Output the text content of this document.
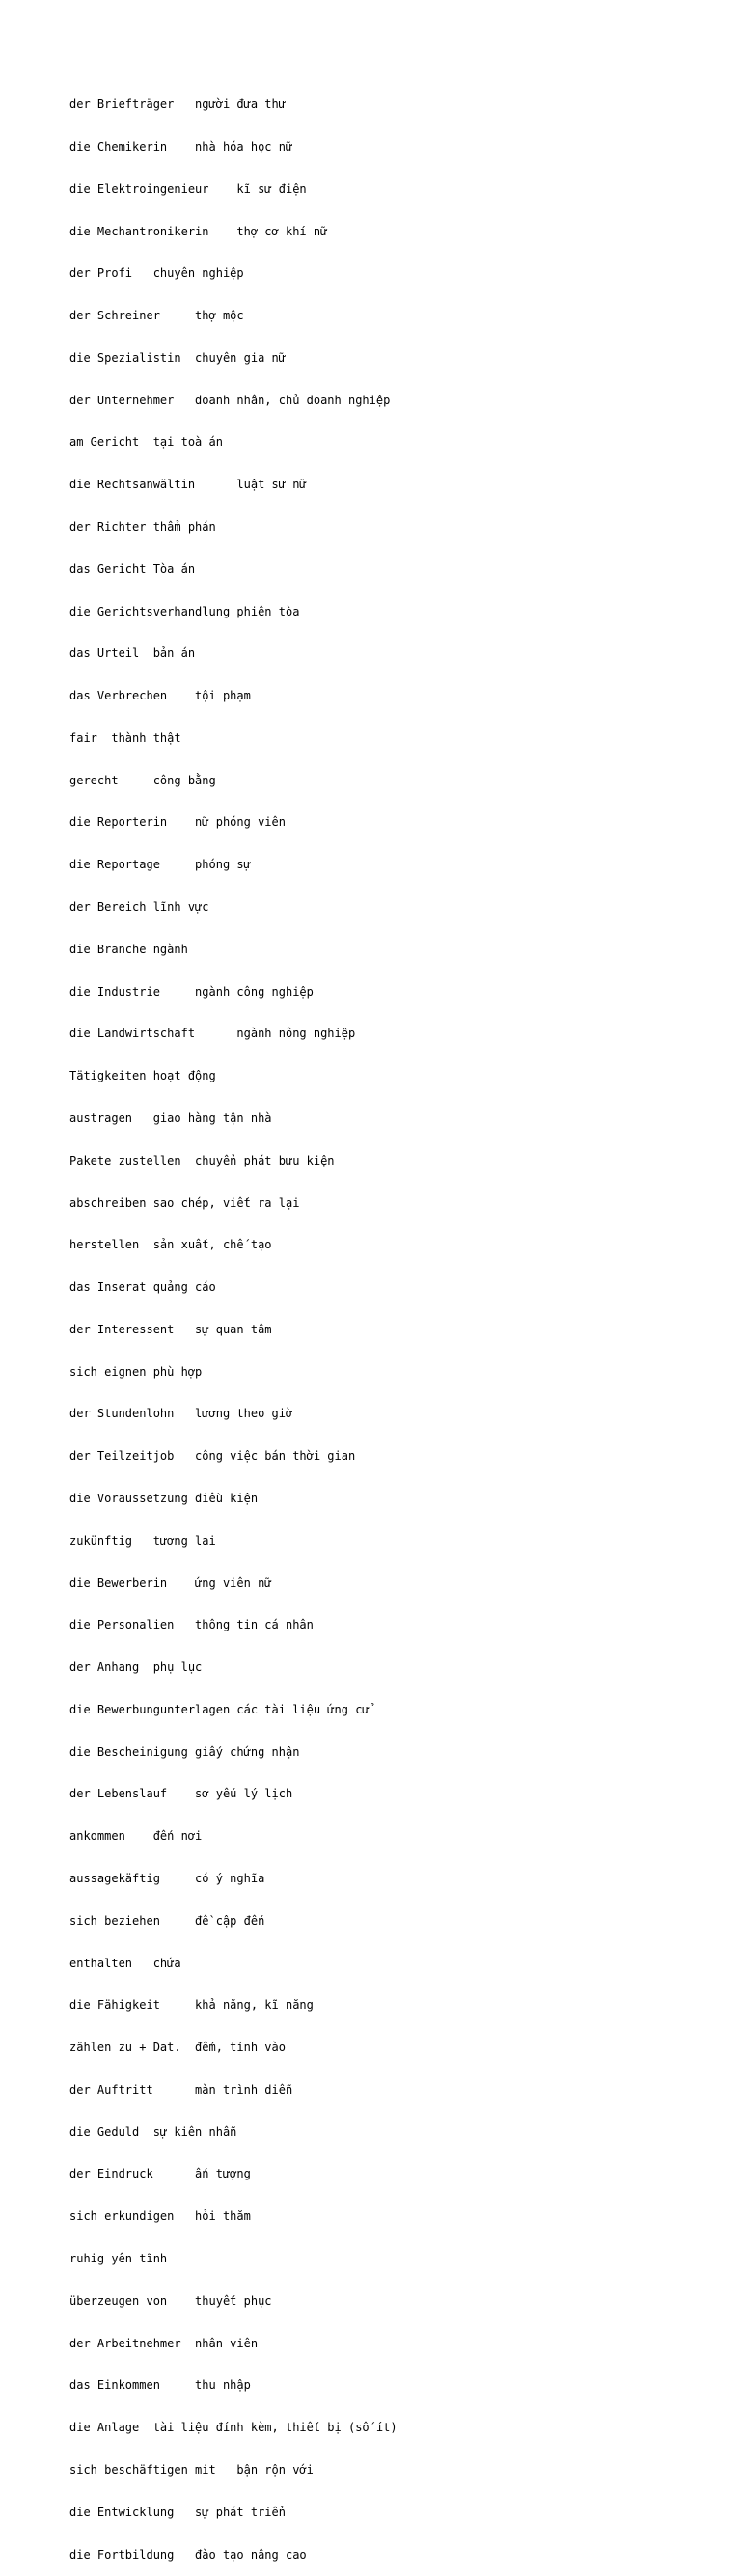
der Briefträger   người đưa thư

die Chemikerin    nhà hóa học nữ

die Elektroingenieur    kĩ sư điện

die Mechantronikerin    thợ cơ khí nữ

der Profi   chuyên nghiệp

der Schreiner     thợ mộc

die Spezialistin  chuyên gia nữ

der Unternehmer   doanh nhân, chủ doanh nghiệp

am Gericht  tại toà án

die Rechtsanwältin      luật sư nữ

der Richter thẩm phán

das Gericht Tòa án

die Gerichtsverhandlung phiên tòa

das Urteil  bản án

das Verbrechen    tội phạm

fair  thành thật

gerecht     công bằng

die Reporterin    nữ phóng viên

die Reportage     phóng sự

der Bereich lĩnh vực

die Branche ngành

die Industrie     ngành công nghiệp

die Landwirtschaft      ngành nông nghiệp

Tätigkeiten hoạt động

austragen   giao hàng tận nhà

Pakete zustellen  chuyển phát bưu kiện

abschreiben sao chép, viết ra lại

herstellen  sản xuất, chế tạo

das Inserat quảng cáo

der Interessent   sự quan tâm

sich eignen phù hợp

der Stundenlohn   lương theo giờ

der Teilzeitjob   công việc bán thời gian

die Voraussetzung điều kiện

zukünftig   tương lai

die Bewerberin    ứng viên nữ

die Personalien   thông tin cá nhân

der Anhang  phụ lục

die Bewerbungunterlagen các tài liệu ứng cử

die Bescheinigung giấy chứng nhận

der Lebenslauf    sơ yếu lý lịch

ankommen    đến nơi

aussagekäftig     có ý nghĩa

sich beziehen     đề cập đến

enthalten   chứa

die Fähigkeit     khả năng, kĩ năng

zählen zu + Dat.  đếm, tính vào

der Auftritt      màn trình diễn

die Geduld  sự kiên nhẫn

der Eindruck      ấn tượng

sich erkundigen   hỏi thăm

ruhig yên tĩnh

überzeugen von    thuyết phục

der Arbeitnehmer  nhân viên

das Einkommen     thu nhập

die Anlage  tài liệu đính kèm, thiết bị (số ít)

sich beschäftigen mit   bận rộn với

die Entwicklung   sự phát triển

die Fortbildung   đào tạo nâng cao
